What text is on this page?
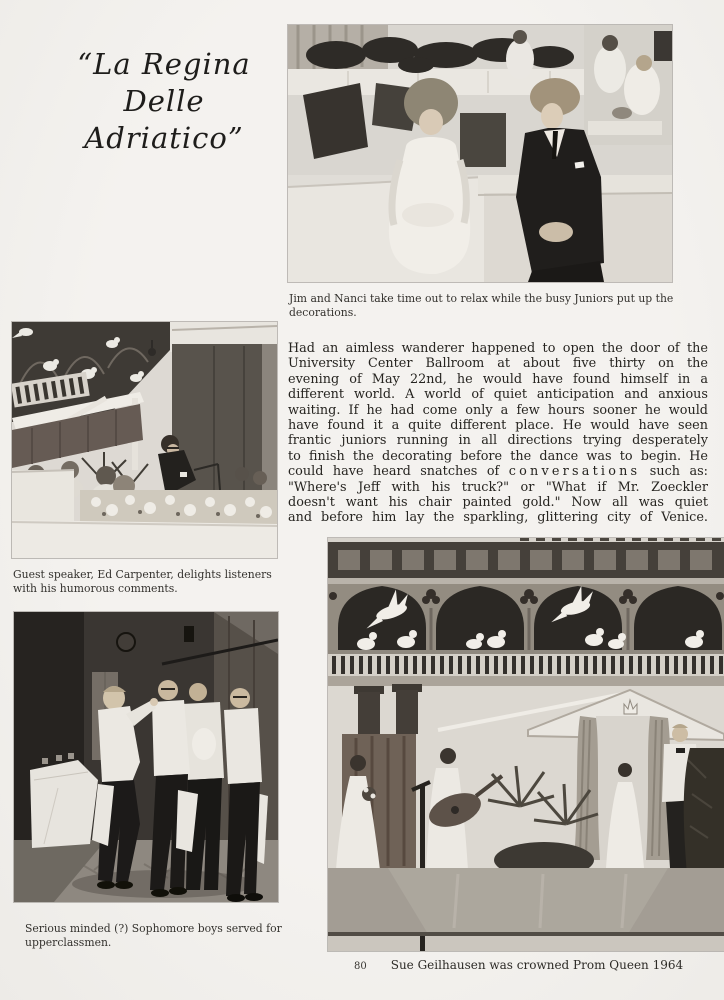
“La Regina
Delle
Adriatico”
Jim and Nanci take time out to relax while the busy Juniors put up the
decorations.
Had an aimless wanderer happened to open the door of the
University Center Ballroom at about five thirty on the
evening of May 22nd, he would have found himself in a
different world. A world of quiet anticipation and anxious
waiting. If he had come only a few hours sooner he would
have found it a quite different place. He would have seen
frantic juniors running in all directions trying desperately
to finish the decorating before the dance was to begin. He
could have heard snatches of conversations such as:
"Where's Jeff with his truck?" or "What if Mr. Zoeckler
doesn't want his chair painted gold." Now all was quiet
and before him lay the sparkling, glittering city of Venice.
Guest speaker, Ed Carpenter, delights listeners
with his humorous comments.
Serious minded (?) Sophomore boys served for
upperclassmen.
80 Sue Geilhausen was crowned Prom Queen 1964
